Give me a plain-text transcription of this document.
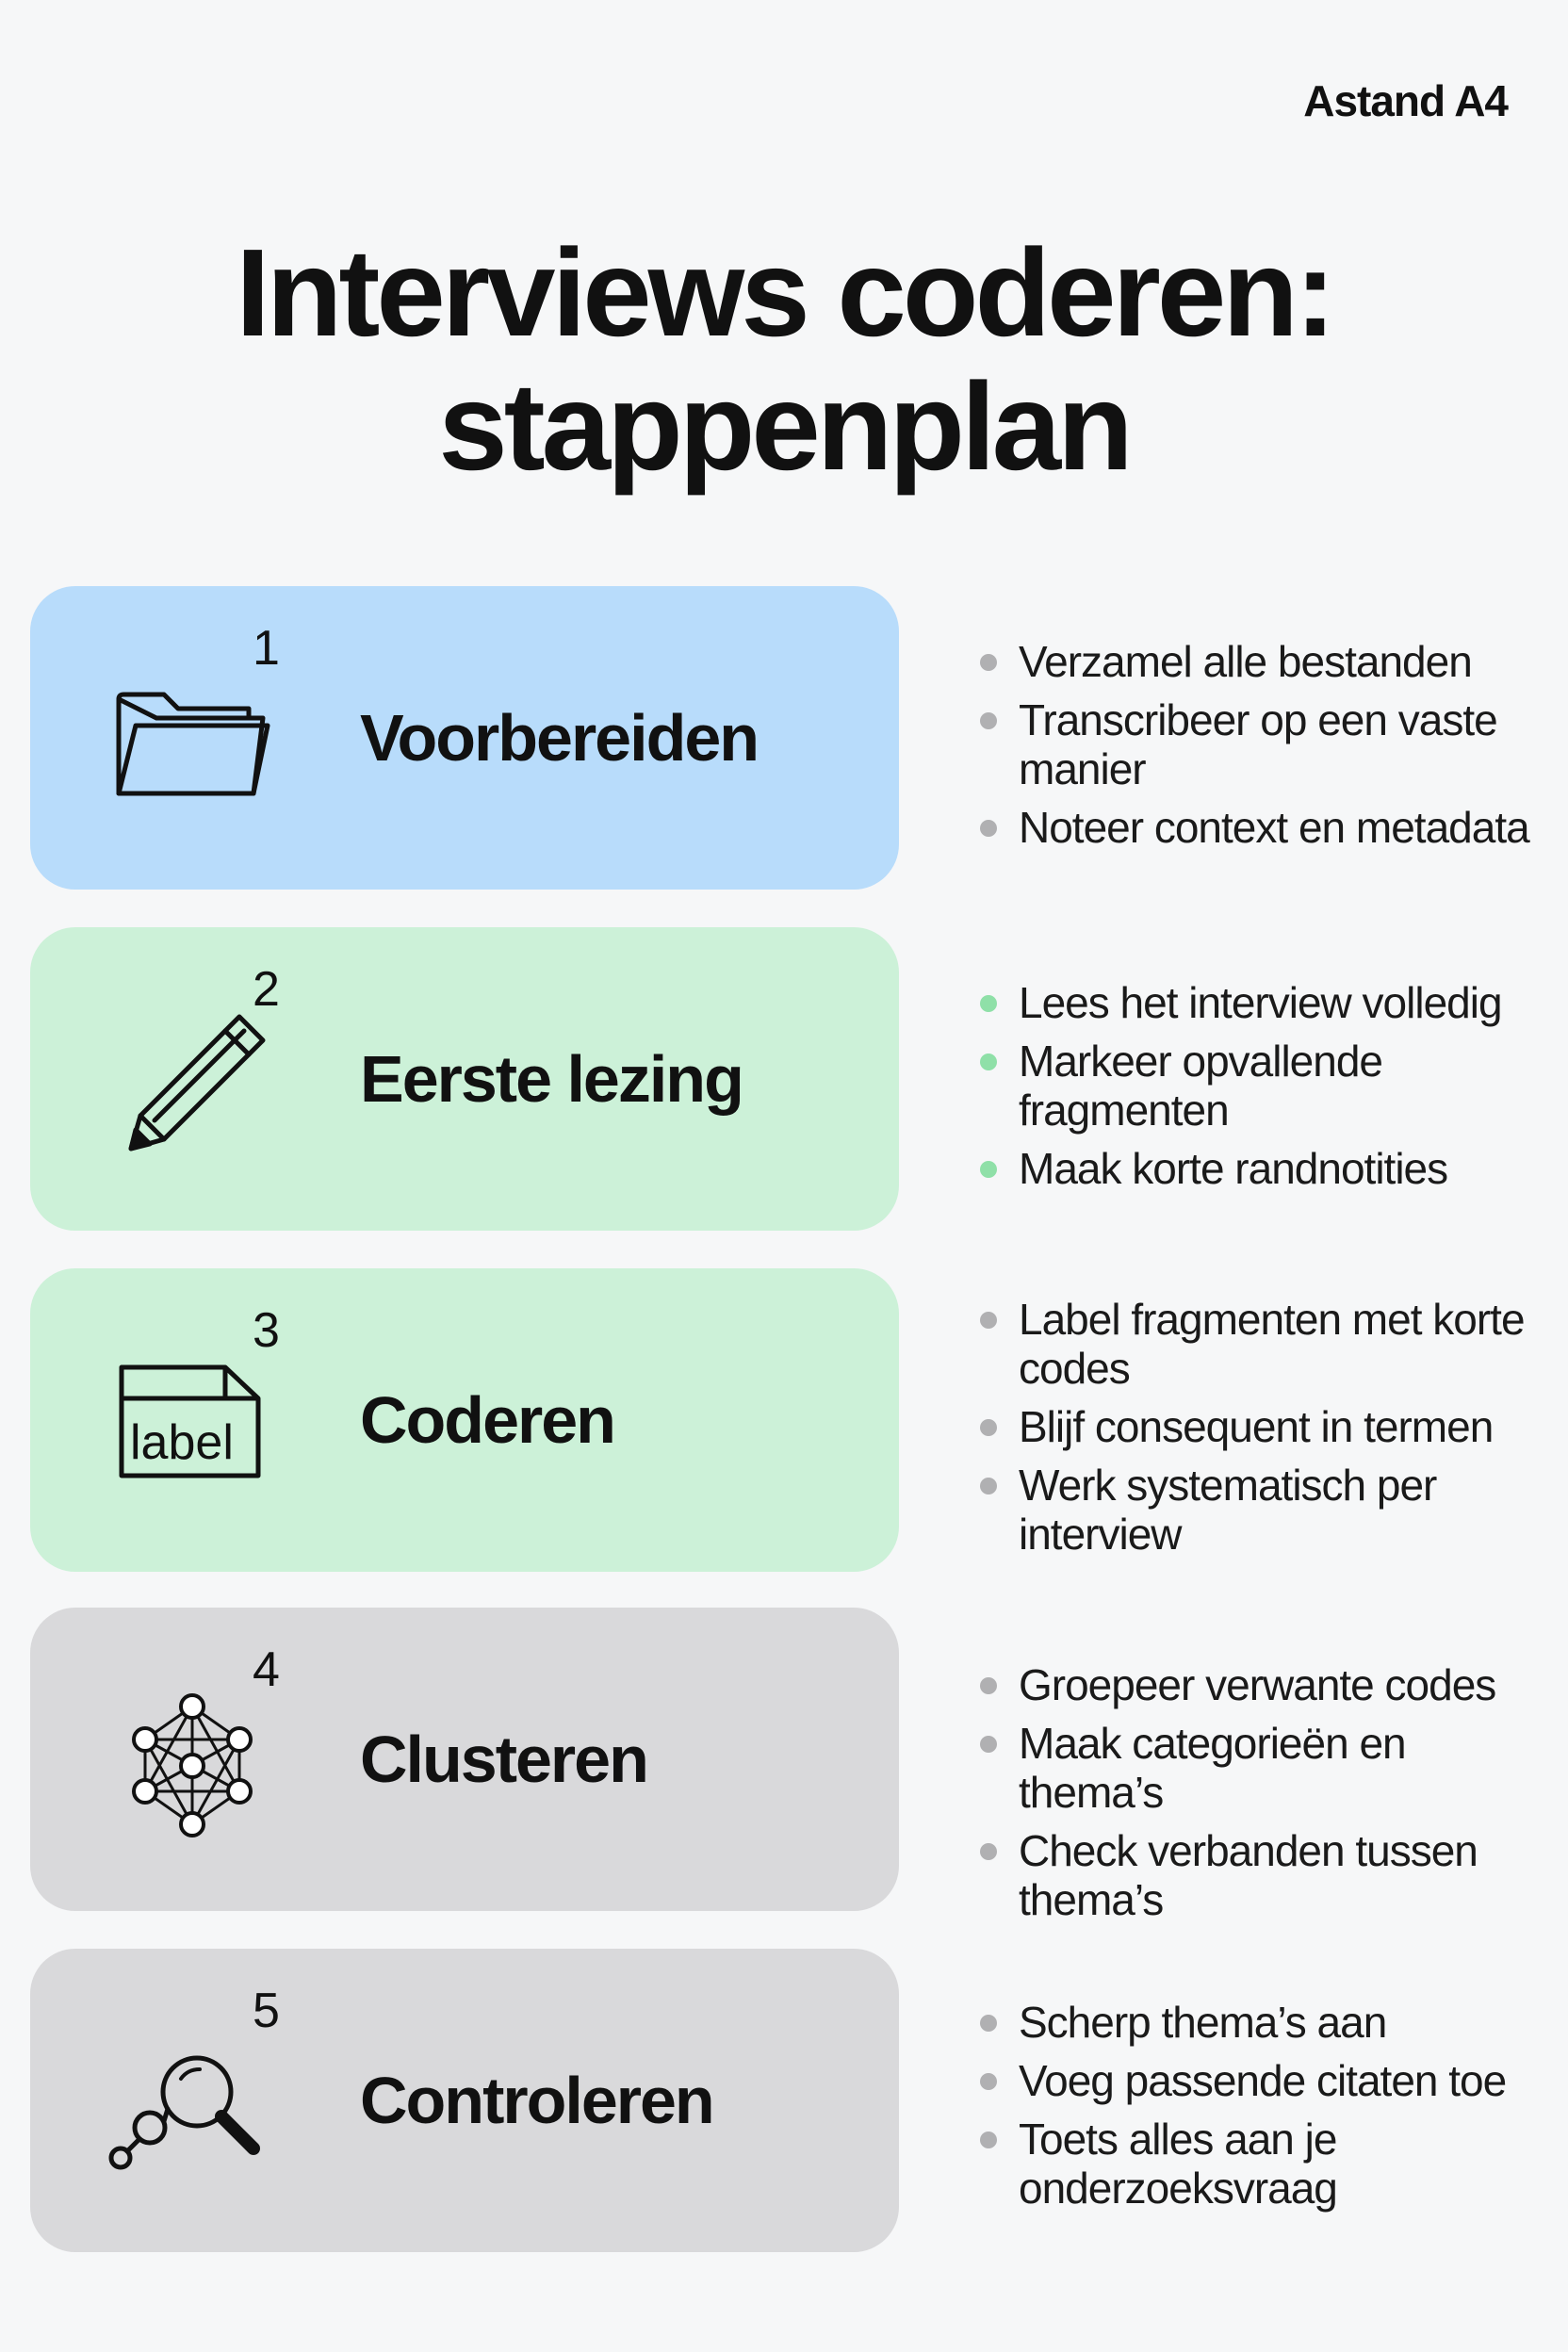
Astand A4
Interviews coderen:
stappenplan
1
Voorbereiden
Verzamel alle bestanden
Transcribeer op een vaste manier
Noteer context en metadata
2
Eerste lezing
Lees het interview volledig
Markeer opvallende fragmenten
Maak korte randnotities
3
label Coderen
Label fragmenten met korte codes
Blijf consequent in termen
Werk systematisch per interview
4
Clusteren
Groepeer verwante codes
Maak categorieën en thema’s
Check verbanden tussen thema’s
5
Controleren
Scherp thema’s aan
Voeg passende citaten toe
Toets alles aan je onderzoeksvraag
